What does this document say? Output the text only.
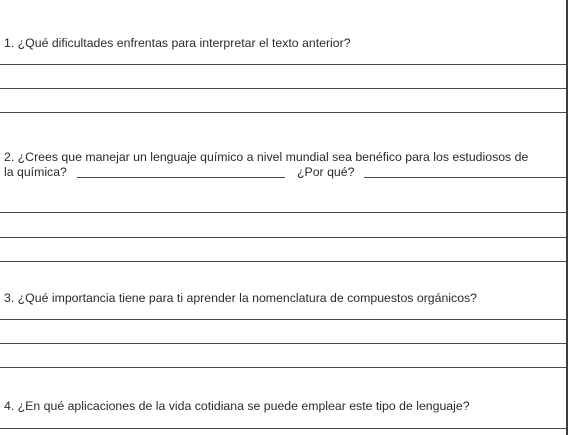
1. ¿Qué dificultades enfrentas para interpretar el texto anterior?
2. ¿Crees que manejar un lenguaje químico a nivel mundial sea benéfico para los estudiosos de
la química?	¿Por qué?
3. ¿Qué importancia tiene para ti aprender la nomenclatura de compuestos orgánicos?
4. ¿En qué aplicaciones de la vida cotidiana se puede emplear este tipo de lenguaje?
